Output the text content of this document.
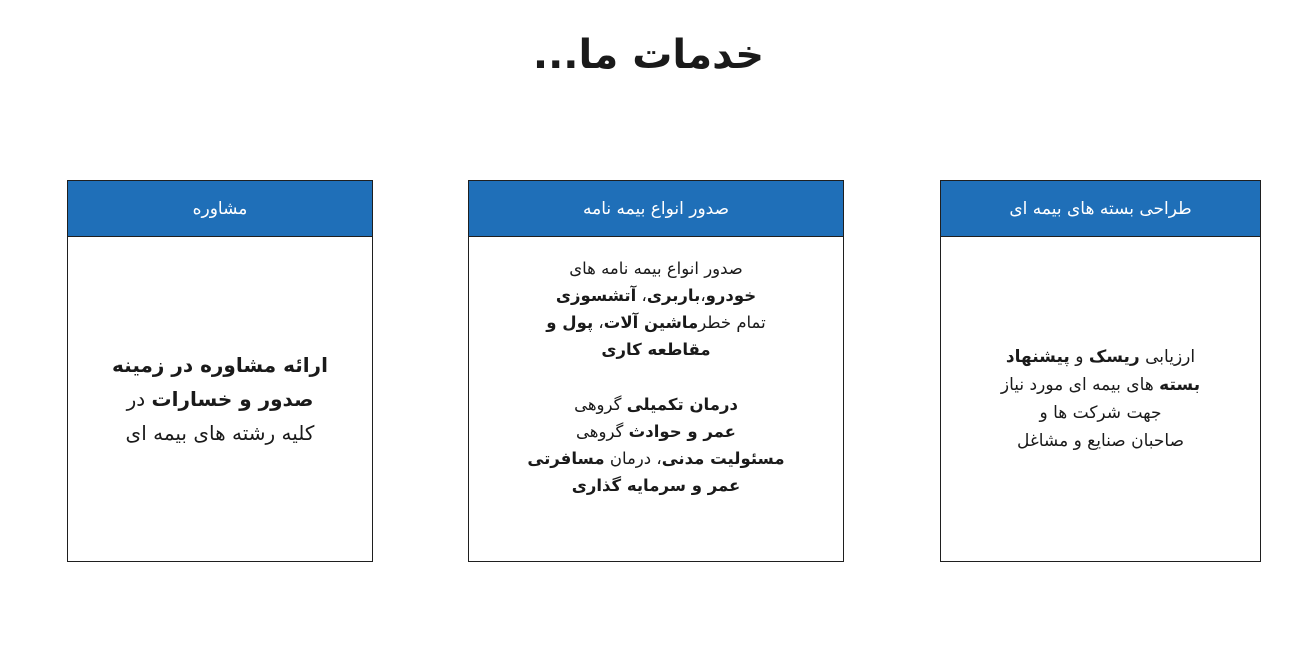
خدمات ما...
مشاوره
ارائه مشاوره در زمینه
صدور و خسارات در
کلیه رشته های بیمه ای
صدور انواع بیمه نامه
صدور انواع بیمه نامه های
خودرو،باربری، آتشسوزی
تمام خطرماشین آلات، پول و
مقاطعه کاری
درمان تکمیلی گروهی
عمر و حوادث گروهی
مسئولیت مدنی، درمان مسافرتی
عمر و سرمایه گذاری
طراحی بسته های بیمه ای
ارزیابی ریسک و پیشنهاد
بسته های بیمه ای مورد نیاز
جهت شرکت ها و
صاحبان صنایع و مشاغل
